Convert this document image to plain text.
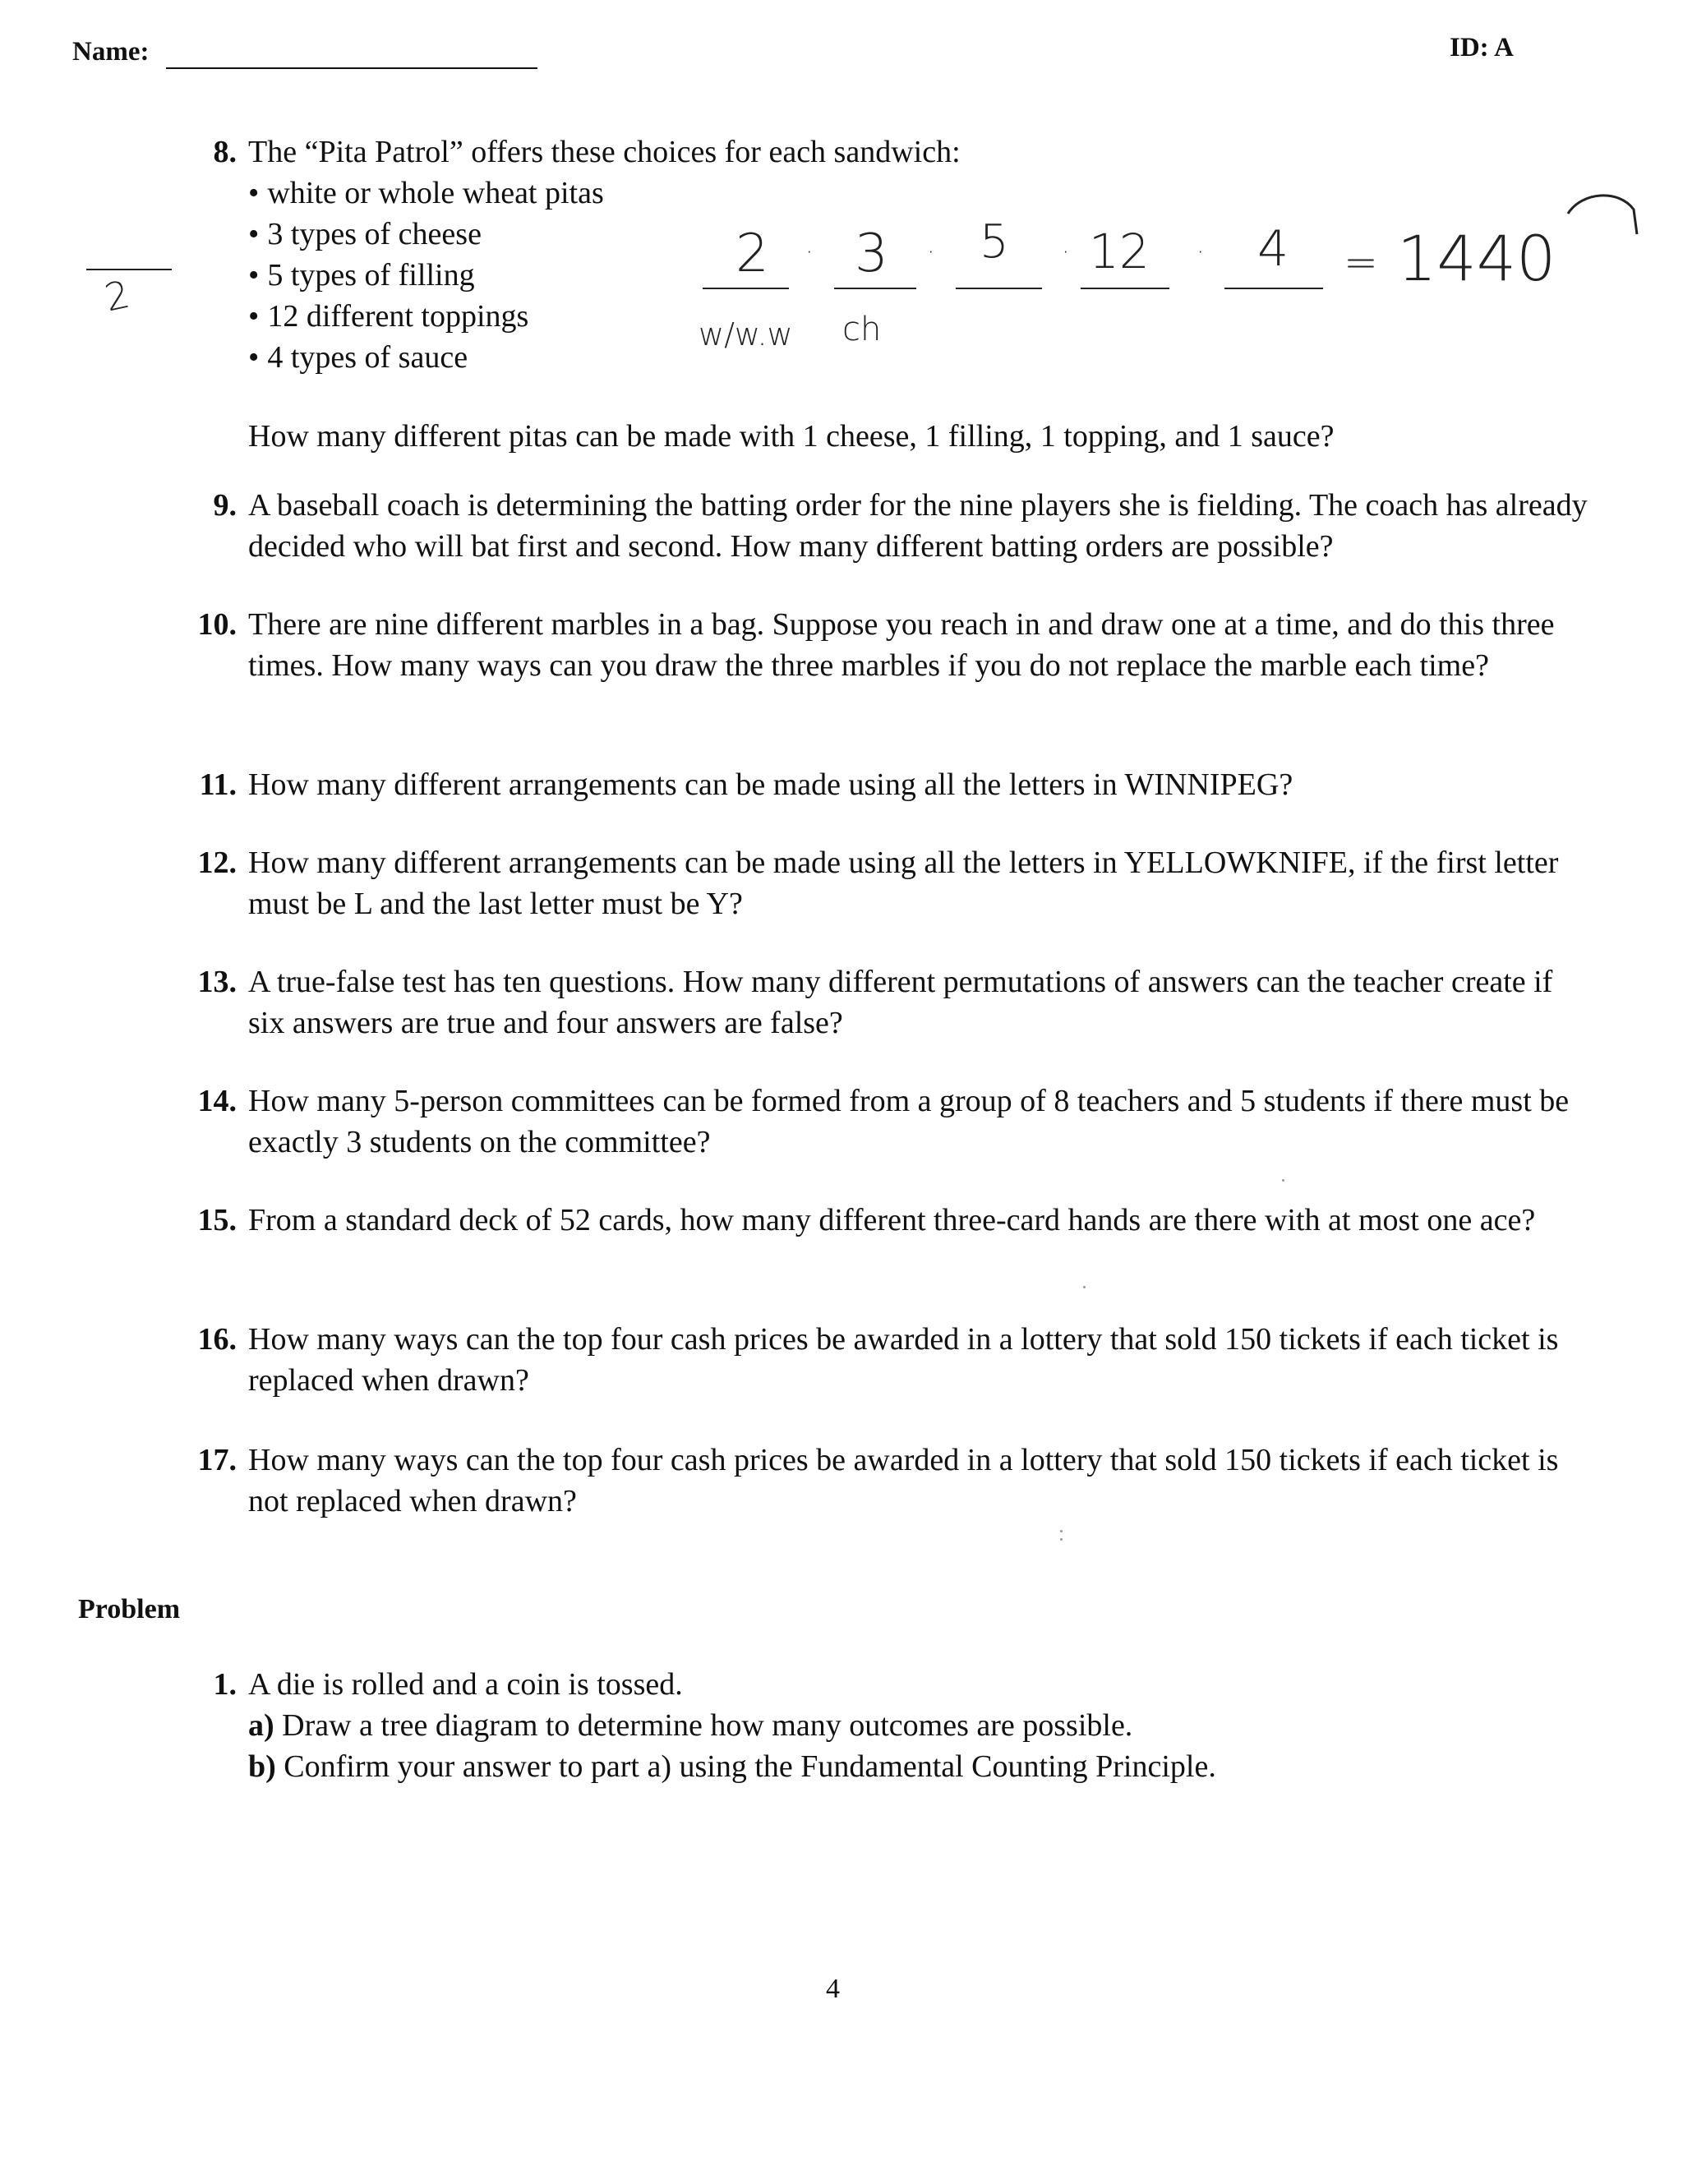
Name:	ID: A
8. The “Pita Patrol” offers these choices for each sandwich:
• white or whole wheat pitas
• 3 types of cheese
• 5 types of filling
• 12 different toppings
• 4 types of sauce
How many different pitas can be made with 1 cheese, 1 filling, 1 topping, and 1 sauce?
2
2 · 3 · 5 · 12 · 4 = 1440
w/w.w ch
9. A baseball coach is determining the batting order for the nine players she is fielding. The coach has already decided who will bat first and second. How many different batting orders are possible?
10. There are nine different marbles in a bag. Suppose you reach in and draw one at a time, and do this three times. How many ways can you draw the three marbles if you do not replace the marble each time?
11. How many different arrangements can be made using all the letters in WINNIPEG?
12. How many different arrangements can be made using all the letters in YELLOWKNIFE, if the first letter must be L and the last letter must be Y?
13. A true-false test has ten questions. How many different permutations of answers can the teacher create if six answers are true and four answers are false?
14. How many 5-person committees can be formed from a group of 8 teachers and 5 students if there must be exactly 3 students on the committee?
15. From a standard deck of 52 cards, how many different three-card hands are there with at most one ace?
16. How many ways can the top four cash prices be awarded in a lottery that sold 150 tickets if each ticket is replaced when drawn?
17. How many ways can the top four cash prices be awarded in a lottery that sold 150 tickets if each ticket is not replaced when drawn?
Problem
1. A die is rolled and a coin is tossed.
a) Draw a tree diagram to determine how many outcomes are possible.
b) Confirm your answer to part a) using the Fundamental Counting Principle.
4
